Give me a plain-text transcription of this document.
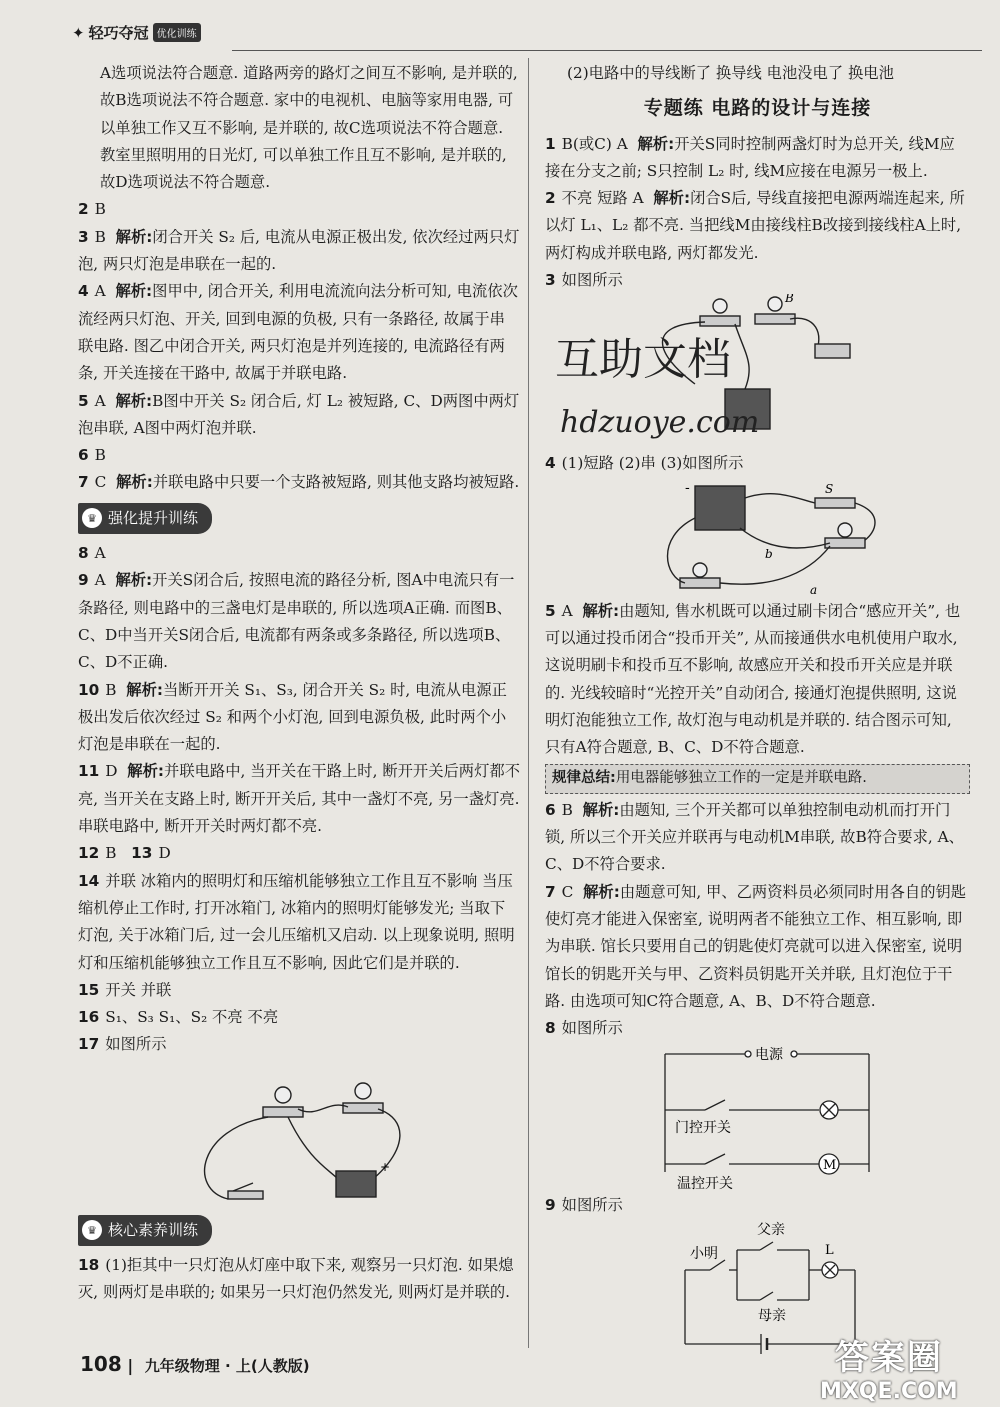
✦ 轻巧夺冠 优化训练

A选项说法符合题意. 道路两旁的路灯之间互不影响, 是并联的, 故B选项说法不符合题意. 家中的电视机、电脑等家用电器, 可以单独工作又互不影响, 是并联的, 故C选项说法不符合题意. 教室里照明用的日光灯, 可以单独工作且互不影响, 是并联的, 故D选项说法不符合题意.

2 B

3 B 解析:闭合开关 S₂ 后, 电流从电源正极出发, 依次经过两只灯泡, 两只灯泡是串联在一起的.

4 A 解析:图甲中, 闭合开关, 利用电流流向法分析可知, 电流依次流经两只灯泡、开关, 回到电源的负极, 只有一条路径, 故属于串联电路. 图乙中闭合开关, 两只灯泡是并列连接的, 电流路径有两条, 开关连接在干路中, 故属于并联电路.

5 A 解析:B图中开关 S₂ 闭合后, 灯 L₂ 被短路, C、D两图中两灯泡串联, A图中两灯泡并联.

6 B

7 C 解析:并联电路中只要一个支路被短路, 则其他支路均被短路.

♛ 强化提升训练

8 A

9 A 解析:开关S闭合后, 按照电流的路径分析, 图A中电流只有一条路径, 则电路中的三盏电灯是串联的, 所以选项A正确. 而图B、C、D中当开关S闭合后, 电流都有两条或多条路径, 所以选项B、C、D不正确.

10 B 解析:当断开开关 S₁、S₃, 闭合开关 S₂ 时, 电流从电源正极出发后依次经过 S₂ 和两个小灯泡, 回到电源负极, 此时两个小灯泡是串联在一起的.

11 D 解析:并联电路中, 当开关在干路上时, 断开开关后两灯都不亮, 当开关在支路上时, 断开开关后, 其中一盏灯不亮, 另一盏灯亮. 串联电路中, 断开开关时两灯都不亮.

12 B 13 D

14 并联 冰箱内的照明灯和压缩机能够独立工作且互不影响 当压缩机停止工作时, 打开冰箱门, 冰箱内的照明灯能够发光; 当取下灯泡, 关于冰箱门后, 过一会儿压缩机又启动. 以上现象说明, 照明灯和压缩机能够独立工作且互不影响, 因此它们是并联的.

15 开关 并联

16 S₁、S₃ S₁、S₂ 不亮 不亮

17 如图所示

+
♛ 核心素养训练

18 (1)拒其中一只灯泡从灯座中取下来, 观察另一只灯泡. 如果熄灭, 则两灯是串联的; 如果另一只灯泡仍然发光, 则两灯是并联的.

(2)电路中的导线断了 换导线 电池没电了 换电池

专题练 电路的设计与连接

1 B(或C) A 解析:开关S同时控制两盏灯时为总开关, 线M应接在分支之前; S只控制 L₂ 时, 线M应接在电源另一极上.

2 不亮 短路 A 解析:闭合S后, 导线直接把电源两端连起来, 所以灯 L₁、L₂ 都不亮. 当把线M由接线柱B改接到接线柱A上时, 两灯构成并联电路, 两灯都发光.

3 如图所示

B
互助文档
hdzuoye.com

4 (1)短路 (2)串 (3)如图所示

S
b
a
-

5 A 解析:由题知, 售水机既可以通过刷卡闭合“感应开关”, 也可以通过投币闭合“投币开关”, 从而接通供水电机使用户取水, 这说明刷卡和投币互不影响, 故感应开关和投币开关应是并联的. 光线较暗时“光控开关”自动闭合, 接通灯泡提供照明, 这说明灯泡能独立工作, 故灯泡与电动机是并联的. 结合图示可知, 只有A符合题意, B、C、D不符合题意.

规律总结:用电器能够独立工作的一定是并联电路.

6 B 解析:由题知, 三个开关都可以单独控制电动机而打开门锁, 所以三个开关应并联再与电动机M串联, 故B符合要求, A、C、D不符合要求.

7 C 解析:由题意可知, 甲、乙两资料员必须同时用各自的钥匙使灯亮才能进入保密室, 说明两者不能独立工作、相互影响, 即为串联. 馆长只要用自己的钥匙使灯亮就可以进入保密室, 说明馆长的钥匙开关与甲、乙资料员钥匙开关并联, 且灯泡位于干路. 由选项可知C符合题意, A、B、D不符合题意.

8 如图所示

电源
门控开关
温控开关
M

9 如图所示

父亲
小明
母亲
L
108 | 九年级物理 · 上(人教版)	答案圈
MXQE.COM
